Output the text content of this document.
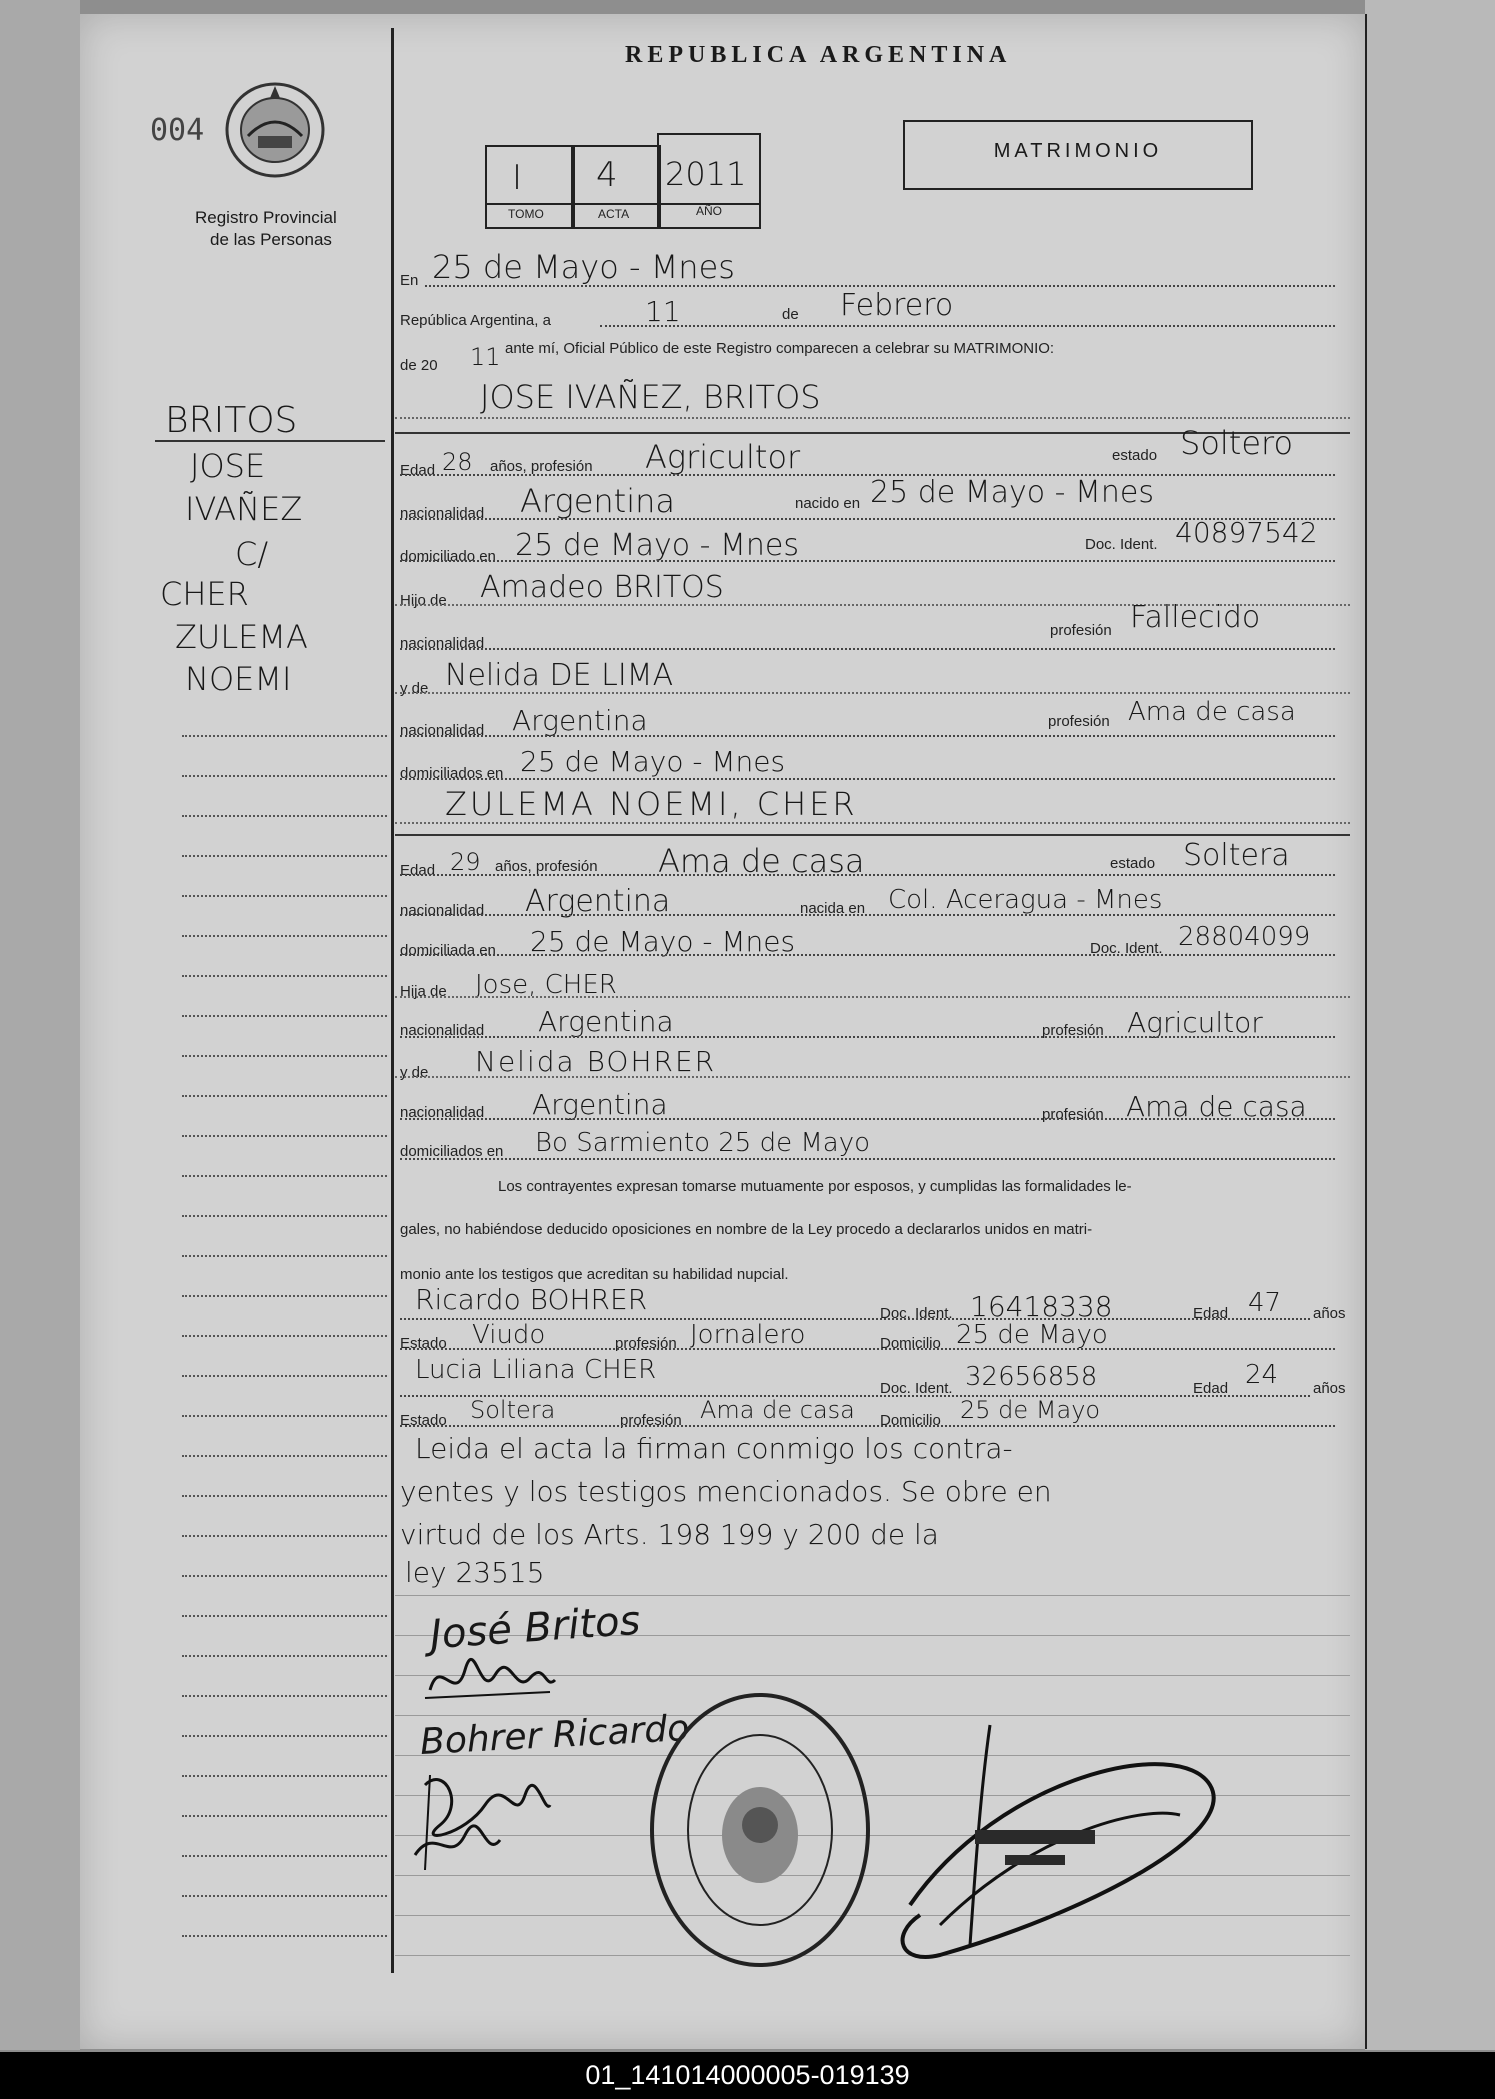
004
Registro Provincial
de las Personas
REPUBLICA ARGENTINA
MATRIMONIO
I 4 2011
TOMO	ACTA	AÑO
BRITOS
JOSE
IVAÑEZ
C/
CHER
ZULEMA
NOEMI
En 25 de Mayo - Mnes
República Argentina, a	11	de Febrero
de 20 11 ante mí, Oficial Público de este Registro comparecen a celebrar su MATRIMONIO:
JOSE IVAÑEZ, BRITOS
Edad 28 años, profesión Agricultor	estado Soltero
nacionalidad Argentina	nacido en 25 de Mayo - Mnes
domiciliado en 25 de Mayo - Mnes	Doc. Ident. 40897542
Hijo de Amadeo BRITOS
nacionalidad
profesión Fallecido
y de Nelida DE LIMA
nacionalidad Argentina	profesión Ama de casa
domiciliados en 25 de Mayo - Mnes
ZULEMA NOEMI, CHER
Edad 29 años, profesión Ama de casa	estado Soltera
nacionalidad Argentina	nacida en Col. Aceragua - Mnes
domiciliada en 25 de Mayo - Mnes	Doc. Ident. 28804099
Hija de Jose, CHER
nacionalidad Argentina	profesión Agricultor
y de Nelida BOHRER
nacionalidad Argentina	profesión Ama de casa
domiciliados en Bo Sarmiento 25 de Mayo
Los contrayentes expresan tomarse mutuamente por esposos, y cumplidas las formalidades le-
gales, no habiéndose deducido oposiciones en nombre de la Ley procedo a declararlos unidos en matri-
monio ante los testigos que acreditan su habilidad nupcial.
Ricardo BOHRER	Doc. Ident. 16418338	Edad 47 años
Estado Viudo	profesión Jornalero	Domicilio 25 de Mayo
Lucia Liliana CHER
Doc. Ident. 32656858	Edad 24 años
Estado Soltera	profesión Ama de casa Domicilio 25 de Mayo
Leida el acta la firman conmigo los contra-
yentes y los testigos mencionados. Se obre en
virtud de los Arts. 198 199 y 200 de la
ley 23515
José Britos
Bohrer Ricardo
01_141014000005-019139
